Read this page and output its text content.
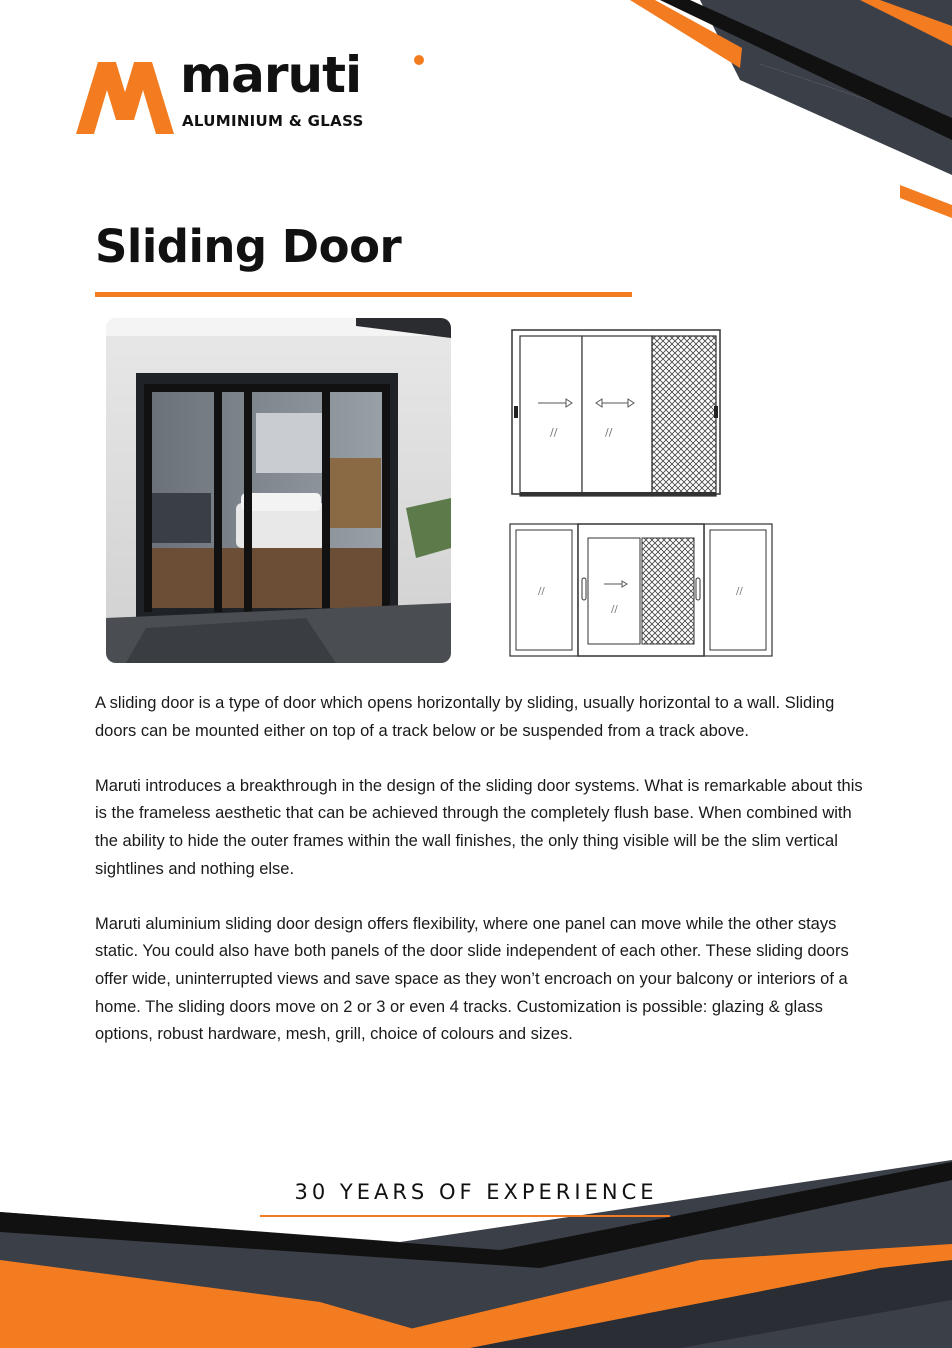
maruti
ALUMINIUM & GLASS
Sliding Door
//	//
//	//
//

A sliding door is a type of door which opens horizontally by sliding, usually horizontal to a wall. Sliding doors can be mounted either on top of a track below or be suspended from a track above.

Maruti introduces a breakthrough in the design of the sliding door systems. What is remarkable about this is the frameless aesthetic that can be achieved through the completely flush base. When combined with the ability to hide the outer frames within the wall finishes, the only thing visible will be the slim vertical sightlines and nothing else.

Maruti aluminium sliding door design offers flexibility, where one panel can move while the other stays static. You could also have both panels of the door slide independent of each other. These sliding doors offer wide, uninterrupted views and save space as they won’t encroach on your balcony or interiors of a home. The sliding doors move on 2 or 3 or even 4 tracks. Customization is possible: glazing & glass options, robust hardware, mesh, grill, choice of colours and sizes.

30 YEARS OF EXPERIENCE
